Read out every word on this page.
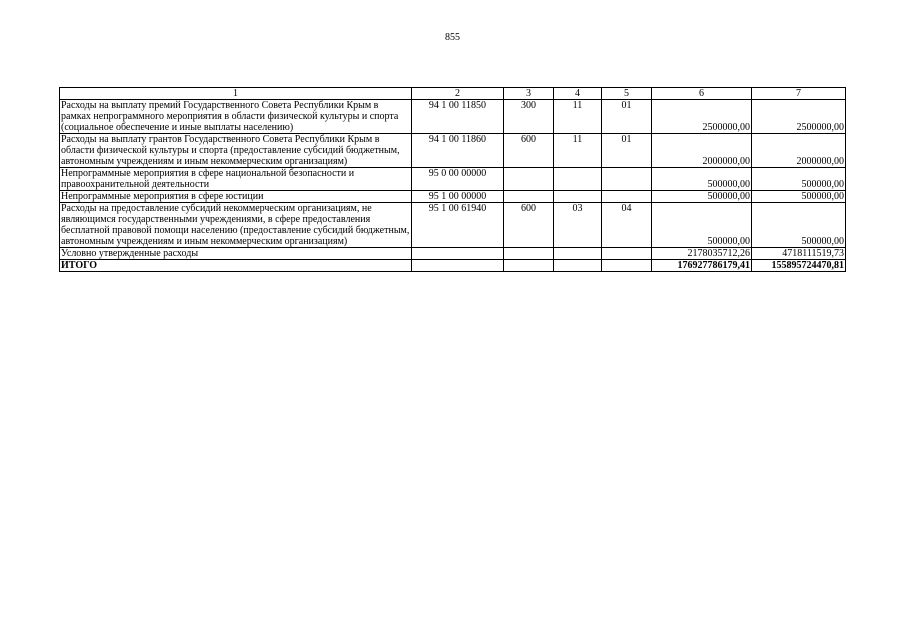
855
1	2	3	4	5	6	7
Расходы на выплату премий Государственного Совета Республики Крым в рамках непрограммного мероприятия в области физической культуры и спорта (социальное обеспечение и иные выплаты населению)	94 1 00 11850	300	11	01	2500000,00	2500000,00
Расходы на выплату грантов Государственного Совета Республики Крым в области физической культуры и спорта (предоставление субсидий бюджетным, автономным учреждениям и иным некоммерческим организациям)	94 1 00 11860	600	11	01	2000000,00	2000000,00
Непрограммные мероприятия в сфере национальной безопасности и правоохранительной деятельности	95 0 00 00000				500000,00	500000,00
Непрограммные мероприятия в сфере юстиции	95 1 00 00000				500000,00	500000,00
Расходы на предоставление субсидий некоммерческим организациям, не являющимся государственными учреждениями, в сфере предоставления бесплатной правовой помощи населению (предоставление субсидий бюджетным, автономным учреждениям и иным некоммерческим организациям)	95 1 00 61940	600	03	04	500000,00	500000,00
Условно утвержденные расходы					2178035712,26	4718111519,73
ИТОГО					176927786179,41	155895724470,81
